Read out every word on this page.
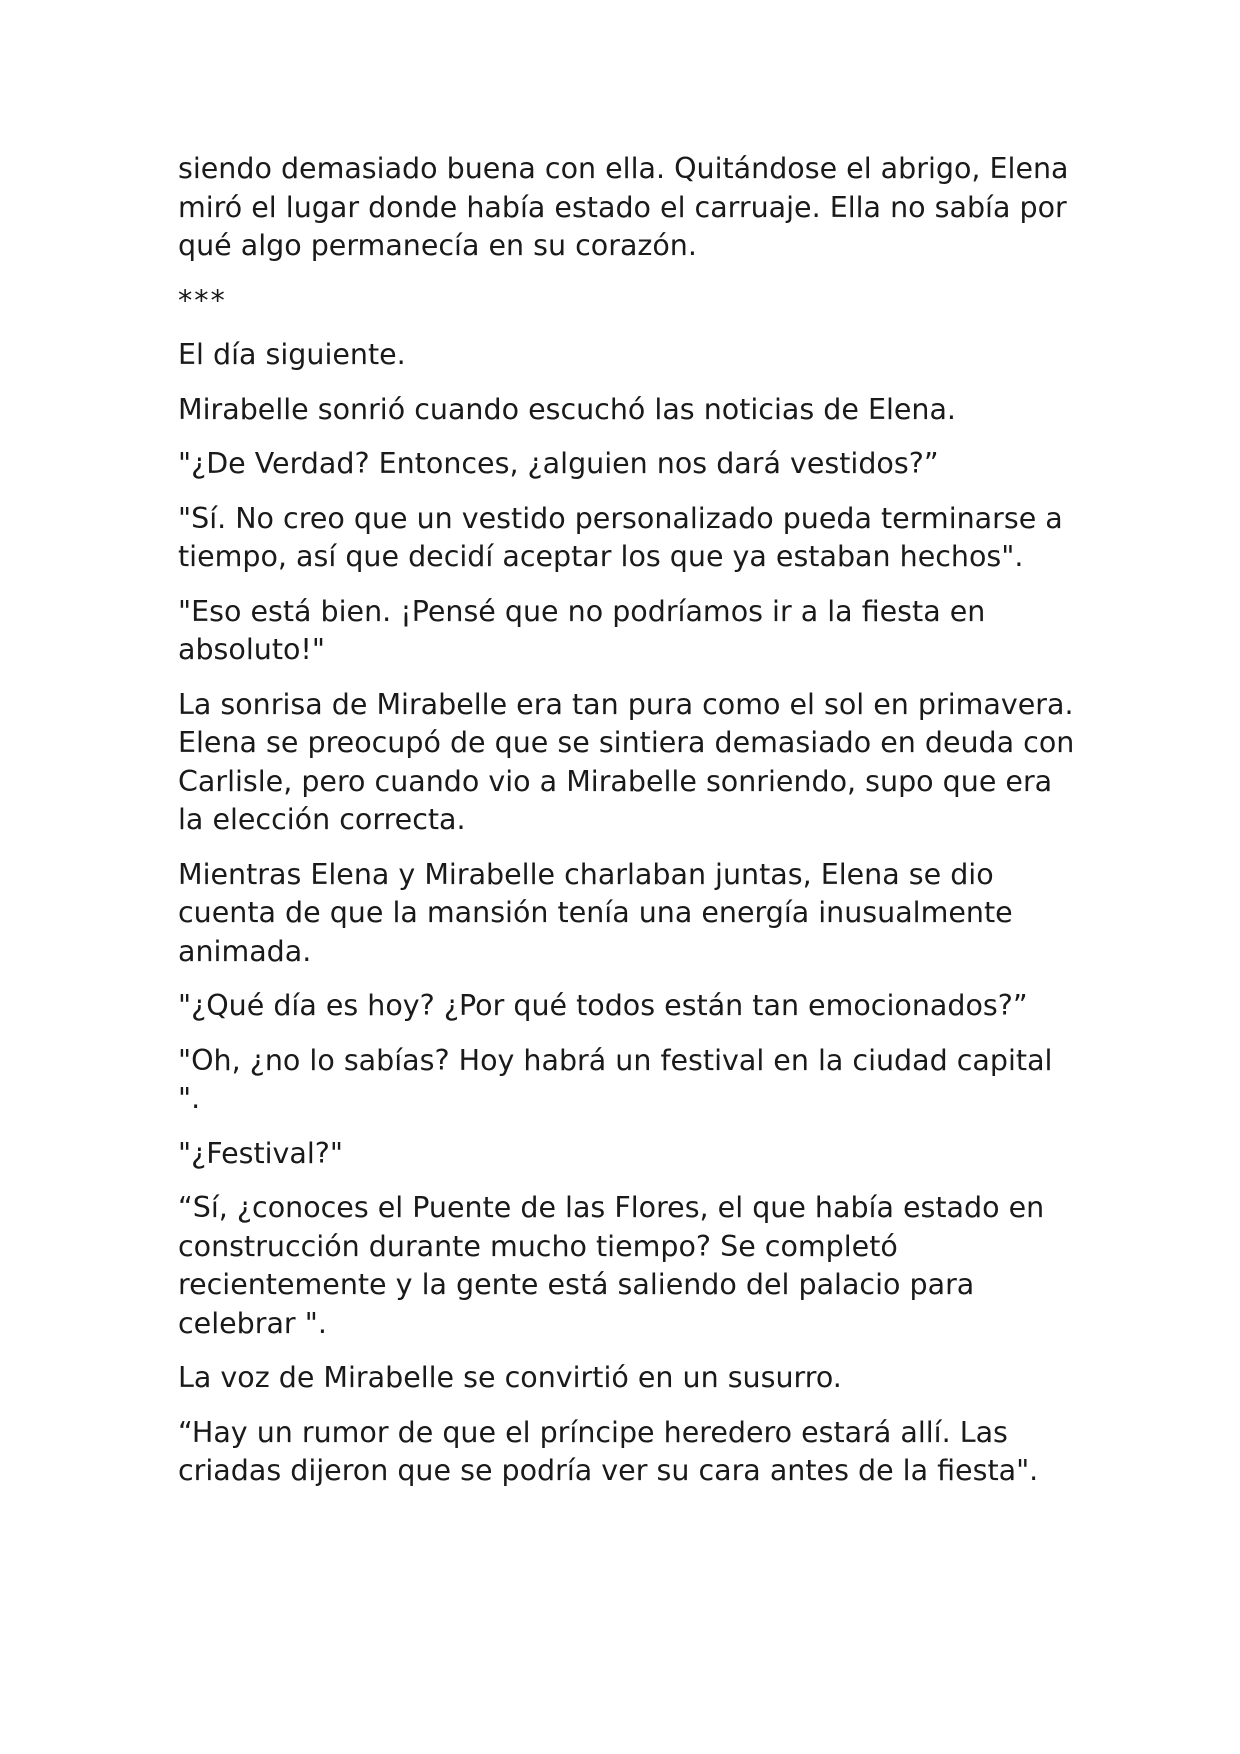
siendo demasiado buena con ella. Quitándose el abrigo, Elena miró el lugar donde había estado el carruaje. Ella no sabía por qué algo permanecía en su corazón.

***

El día siguiente.

Mirabelle sonrió cuando escuchó las noticias de Elena.

"¿De Verdad? Entonces, ¿alguien nos dará vestidos?”

"Sí. No creo que un vestido personalizado pueda terminarse a tiempo, así que decidí aceptar los que ya estaban hechos".

"Eso está bien. ¡Pensé que no podríamos ir a la fiesta en absoluto!"

La sonrisa de Mirabelle era tan pura como el sol en primavera. Elena se preocupó de que se sintiera demasiado en deuda con Carlisle, pero cuando vio a Mirabelle sonriendo, supo que era la elección correcta.

Mientras Elena y Mirabelle charlaban juntas, Elena se dio cuenta de que la mansión tenía una energía inusualmente animada.

"¿Qué día es hoy? ¿Por qué todos están tan emocionados?”

"Oh, ¿no lo sabías? Hoy habrá un festival en la ciudad capital ".

"¿Festival?"

“Sí, ¿conoces el Puente de las Flores, el que había estado en construcción durante mucho tiempo? Se completó recientemente y la gente está saliendo del palacio para celebrar ".

La voz de Mirabelle se convirtió en un susurro.

“Hay un rumor de que el príncipe heredero estará allí. Las criadas dijeron que se podría ver su cara antes de la fiesta".
